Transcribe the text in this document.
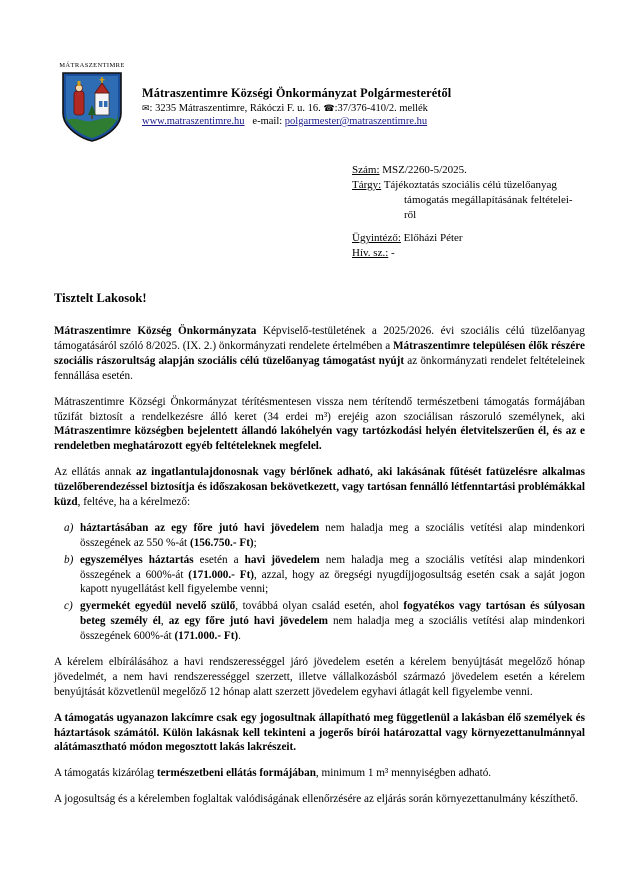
MÁTRASZENTIMRE
Mátraszentimre Községi Önkormányzat Polgármesterétől
✉: 3235 Mátraszentimre, Rákóczi F. u. 16. ☎:37/376-410/2. mellék
www.matraszentimre.hu e-mail: polgarmester@matraszentimre.hu
Szám: MSZ/2260-5/2025.
Tárgy: Tájékoztatás szociális célú tüzelőanyag
támogatás megállapításának feltételei-
ről
Ügyintéző: Előházi Péter
Hív. sz.: -
Tisztelt Lakosok!

Mátraszentimre Község Önkormányzata Képviselő-testületének a 2025/2026. évi szociális célú tüzelőanyag támogatásáról szóló 8/2025. (IX. 2.) önkormányzati rendelete értelmében a Mátraszentimre településen élők részére szociális rászorultság alapján szociális célú tüzelőanyag támogatást nyújt az önkormányzati rendelet feltételeinek fennállása esetén.

Mátraszentimre Községi Önkormányzat térítésmentesen vissza nem térítendő természetbeni támogatás formájában tűzifát biztosít a rendelkezésre álló keret (34 erdei m³) erejéig azon szociálisan rászoruló személynek, aki Mátraszentimre községben bejelentett állandó lakóhelyén vagy tartózkodási helyén életvitelszerűen él, és az e rendeletben meghatározott egyéb feltételeknek megfelel.

Az ellátás annak az ingatlantulajdonosnak vagy bérlőnek adható, aki lakásának fűtését fatüzelésre alkalmas tüzelőberendezéssel biztosítja és időszakosan bekövetkezett, vagy tartósan fennálló létfenntartási problémákkal küzd, feltéve, ha a kérelmező:

a) háztartásában az egy főre jutó havi jövedelem nem haladja meg a szociális vetítési alap mindenkori összegének az 550 %-át (156.750.- Ft);
b) egyszemélyes háztartás esetén a havi jövedelem nem haladja meg a szociális vetítési alap mindenkori összegének a 600%-át (171.000.- Ft), azzal, hogy az öregségi nyugdíjjogosultság esetén csak a saját jogon kapott nyugellátást kell figyelembe venni;
c) gyermekét egyedül nevelő szülő, továbbá olyan család esetén, ahol fogyatékos vagy tartósan és súlyosan beteg személy él, az egy főre jutó havi jövedelem nem haladja meg a szociális vetítési alap mindenkori összegének 600%-át (171.000.- Ft).

A kérelem elbírálásához a havi rendszerességgel járó jövedelem esetén a kérelem benyújtását megelőző hónap jövedelmét, a nem havi rendszerességgel szerzett, illetve vállalkozásból származó jövedelem esetén a kérelem benyújtását közvetlenül megelőző 12 hónap alatt szerzett jövedelem egyhavi átlagát kell figyelembe venni.

A támogatás ugyanazon lakcímre csak egy jogosultnak állapítható meg függetlenül a lakásban élő személyek és háztartások számától. Külön lakásnak kell tekinteni a jogerős bírói határozattal vagy környezettanulmánnyal alátámasztható módon megosztott lakás lakrészeit.

A támogatás kizárólag természetbeni ellátás formájában, minimum 1 m³ mennyiségben adható.

A jogosultság és a kérelemben foglaltak valódiságának ellenőrzésére az eljárás során környezettanulmány készíthető.
